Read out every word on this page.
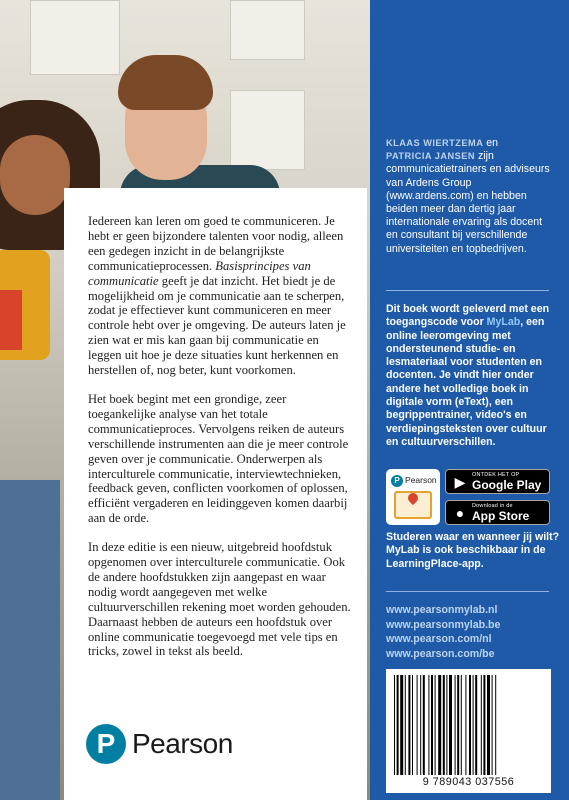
Iedereen kan leren om goed te communiceren. Je hebt er geen bijzondere talenten voor nodig, alleen een gedegen inzicht in de belangrijkste communicatieprocessen. Basisprincipes van communicatie geeft je dat inzicht. Het biedt je de mogelijkheid om je communicatie aan te scherpen, zodat je effectiever kunt communiceren en meer controle hebt over je omgeving. De auteurs laten je zien wat er mis kan gaan bij communicatie en leggen uit hoe je deze situaties kunt herkennen en herstellen of, nog beter, kunt voorkomen.

Het boek begint met een grondige, zeer toegankelijke analyse van het totale communicatieproces. Vervolgens reiken de auteurs verschillende instrumenten aan die je meer controle geven over je communicatie. Onderwerpen als interculturele communicatie, interviewtechnieken, feedback geven, conflicten voorkomen of oplossen, efficiënt vergaderen en leidinggeven komen daarbij aan de orde.

In deze editie is een nieuw, uitgebreid hoofdstuk opgenomen over interculturele communicatie. Ook de andere hoofdstukken zijn aangepast en waar nodig wordt aangegeven met welke cultuurverschillen rekening moet worden gehouden. Daarnaast hebben de auteurs een hoofdstuk over online communicatie toegevoegd met vele tips en tricks, zowel in tekst als beeld.

P Pearson
KLAAS WIERTZEMA en
PATRICIA JANSEN zijn communicatietrainers en adviseurs van Ardens Group (www.ardens.com) en hebben beiden meer dan dertig jaar internationale ervaring als docent en consultant bij verschillende universiteiten en topbedrijven.
Dit boek wordt geleverd met een toegangscode voor MyLab, een online leeromgeving met ondersteunend studie- en lesmateriaal voor studenten en docenten. Je vindt hier onder andere het volledige boek in digitale vorm (eText), een begrippentrainer, video's en verdiepingsteksten over cultuur en cultuurverschillen.
P Pearson ▶	ONTDEK HET OP
Google Play
●	Download in de
App Store
Studeren waar en wanneer jij wilt? MyLab is ook beschikbaar in de LearningPlace-app.
www.pearsonmylab.nl
www.pearsonmylab.be
www.pearson.com/nl
www.pearson.com/be
9 789043 037556
